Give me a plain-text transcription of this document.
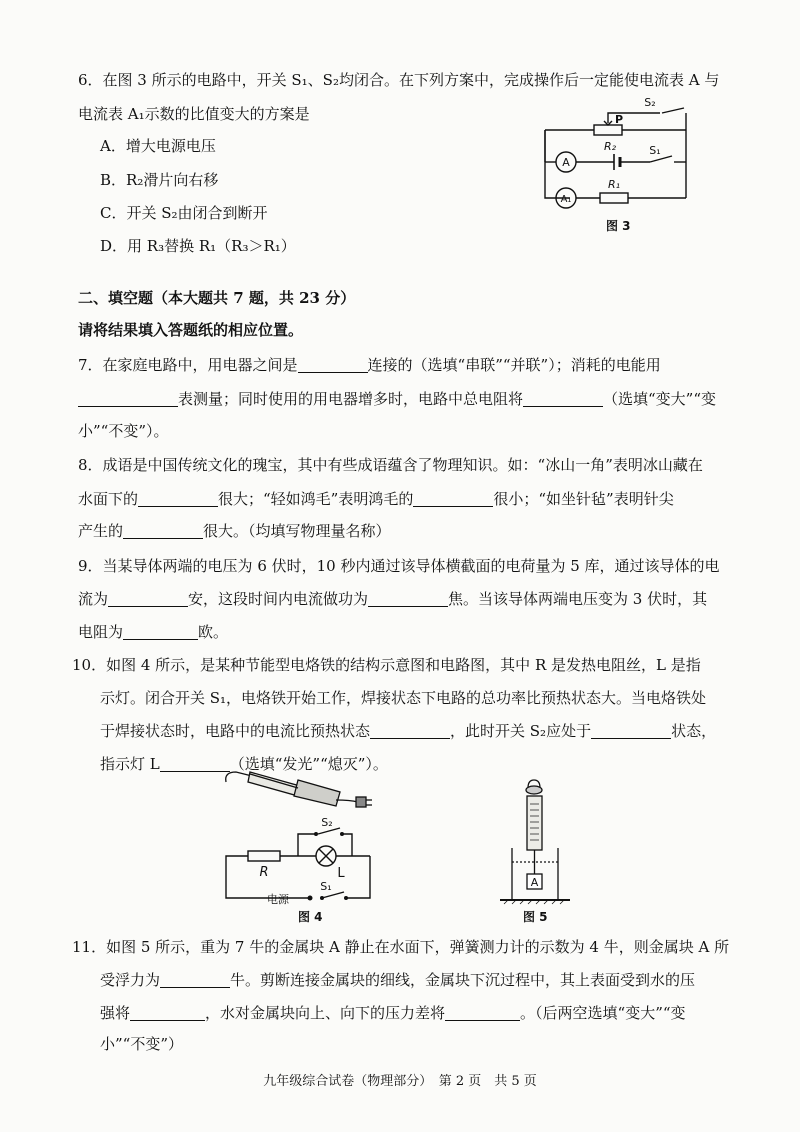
6．在图 3 所示的电路中，开关 S₁、S₂均闭合。在下列方案中，完成操作后一定能使电流表 A 与
电流表 A₁示数的比值变大的方案是
A．增大电源电压
B．R₂滑片向右移
C．开关 S₂由闭合到断开
D．用 R₃替换 R₁（R₃＞R₁）
S₂
P
R₂
A
S₁
A₁
R₁
图 3
二、填空题（本大题共 7 题，共 23 分）
请将结果填入答题纸的相应位置。
7．在家庭电路中，用电器之间是	连接的（选填“串联”“并联”）；消耗的电能用
表测量；同时使用的用电器增多时，电路中总电阻将	（选填“变大”“变
小”“不变”）。
8．成语是中国传统文化的瑰宝，其中有些成语蕴含了物理知识。如：“冰山一角”表明冰山藏在
水面下的	很大；“轻如鸿毛”表明鸿毛的	很小；“如坐针毡”表明针尖
产生的	很大。（均填写物理量名称）
9．当某导体两端的电压为 6 伏时，10 秒内通过该导体横截面的电荷量为 5 库，通过该导体的电
流为	安，这段时间内电流做功为	焦。当该导体两端电压变为 3 伏时，其
电阻为	欧。
10．如图 4 所示，是某种节能型电烙铁的结构示意图和电路图，其中 R 是发热电阻丝，L 是指
示灯。闭合开关 S₁，电烙铁开始工作，焊接状态下电路的总功率比预热状态大。当电烙铁处
于焊接状态时，电路中的电流比预热状态	，此时开关 S₂应处于	状态，
指示灯 L	（选填“发光”“熄灭”）。
S₂
R	L
电源
S₁
图 4
A
图 5
11．如图 5 所示，重为 7 牛的金属块 A 静止在水面下，弹簧测力计的示数为 4 牛，则金属块 A 所
受浮力为	牛。剪断连接金属块的细线，金属块下沉过程中，其上表面受到水的压
强将	，水对金属块向上、向下的压力差将	。（后两空选填“变大”“变
小”“不变”）
九年级综合试卷（物理部分）　第 2 页　共 5 页
